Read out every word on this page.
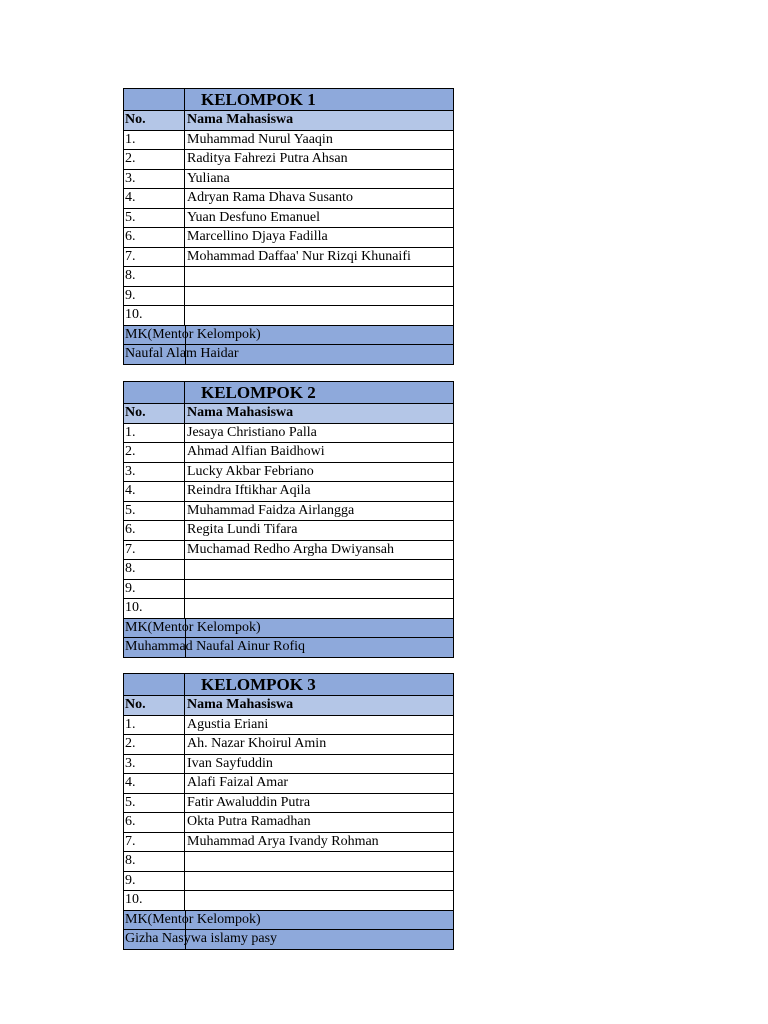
KELOMPOK 1
No.	Nama Mahasiswa
1.	Muhammad Nurul Yaaqin
2.	Raditya Fahrezi Putra Ahsan
3.	Yuliana
4.	Adryan Rama Dhava Susanto
5.	Yuan Desfuno Emanuel
6.	Marcellino Djaya Fadilla
7.	Mohammad Daffaa' Nur Rizqi Khunaifi
8.
9.
10.
MK(Mentor Kelompok)
Naufal Alam Haidar
KELOMPOK 2
No.	Nama Mahasiswa
1.	Jesaya Christiano Palla
2.	Ahmad Alfian Baidhowi
3.	Lucky Akbar Febriano
4.	Reindra Iftikhar Aqila
5.	Muhammad Faidza Airlangga
6.	Regita Lundi Tifara
7.	Muchamad Redho Argha Dwiyansah
8.
9.
10.
MK(Mentor Kelompok)
Muhammad Naufal Ainur Rofiq
KELOMPOK 3
No.	Nama Mahasiswa
1.	Agustia Eriani
2.	Ah. Nazar Khoirul Amin
3.	Ivan Sayfuddin
4.	Alafi Faizal Amar
5.	Fatir Awaluddin Putra
6.	Okta Putra Ramadhan
7.	Muhammad Arya Ivandy Rohman
8.
9.
10.
MK(Mentor Kelompok)
Gizha Nasywa islamy pasy
